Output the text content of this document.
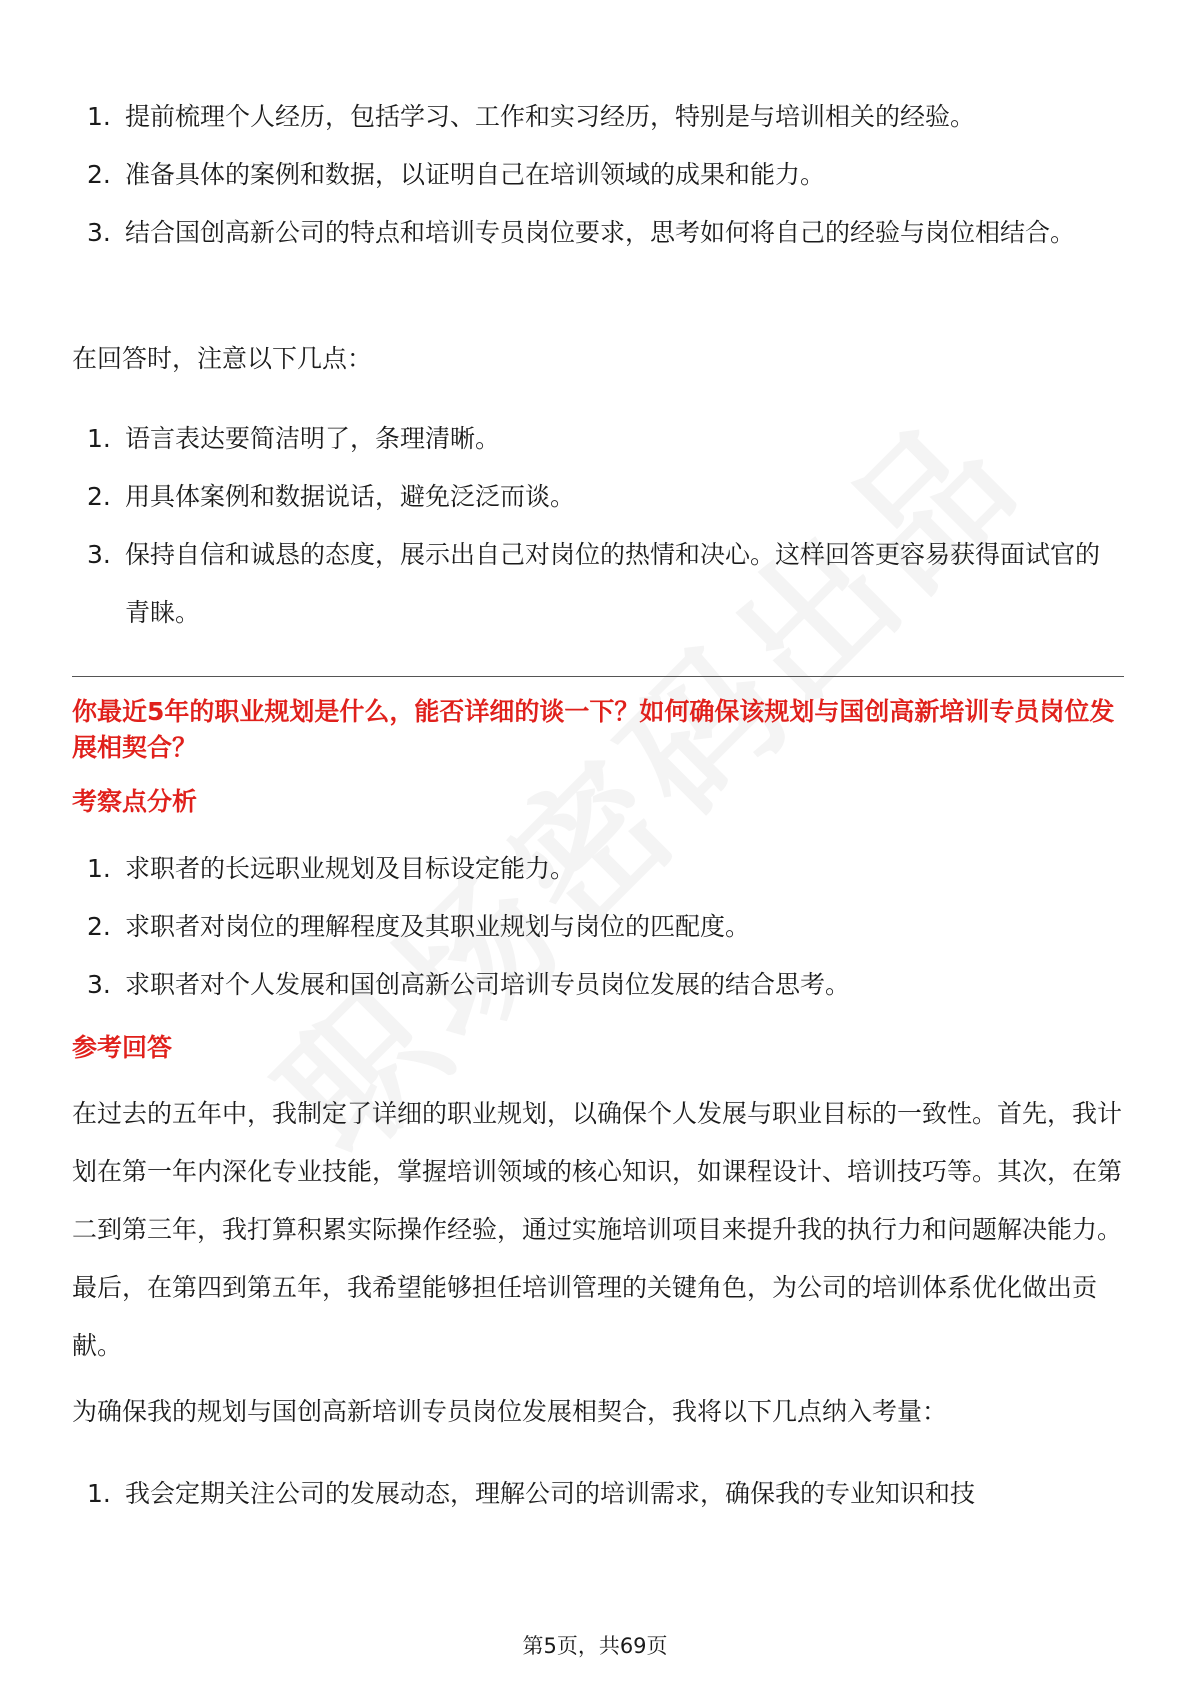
1. 提前梳理个人经历，包括学习、工作和实习经历，特别是与培训相关的经验。
2. 准备具体的案例和数据，以证明自己在培训领域的成果和能力。
3. 结合国创高新公司的特点和培训专员岗位要求，思考如何将自己的经验与岗位相结合。

在回答时，注意以下几点：

1. 语言表达要简洁明了，条理清晰。
2. 用具体案例和数据说话，避免泛泛而谈。
3. 保持自信和诚恳的态度，展示出自己对岗位的热情和决心。这样回答更容易获得面试官的青睐。

你最近5年的职业规划是什么，能否详细的谈一下？如何确保该规划与国创高新培训专员岗位发展相契合？

考察点分析

1. 求职者的长远职业规划及目标设定能力。
2. 求职者对岗位的理解程度及其职业规划与岗位的匹配度。
3. 求职者对个人发展和国创高新公司培训专员岗位发展的结合思考。

参考回答

在过去的五年中，我制定了详细的职业规划，以确保个人发展与职业目标的一致性。首先，我计划在第一年内深化专业技能，掌握培训领域的核心知识，如课程设计、培训技巧等。其次，在第二到第三年，我打算积累实际操作经验，通过实施培训项目来提升我的执行力和问题解决能力。最后，在第四到第五年，我希望能够担任培训管理的关键角色，为公司的培训体系优化做出贡献。

为确保我的规划与国创高新培训专员岗位发展相契合，我将以下几点纳入考量：

1. 我会定期关注公司的发展动态，理解公司的培训需求，确保我的专业知识和技
第5页，共69页
